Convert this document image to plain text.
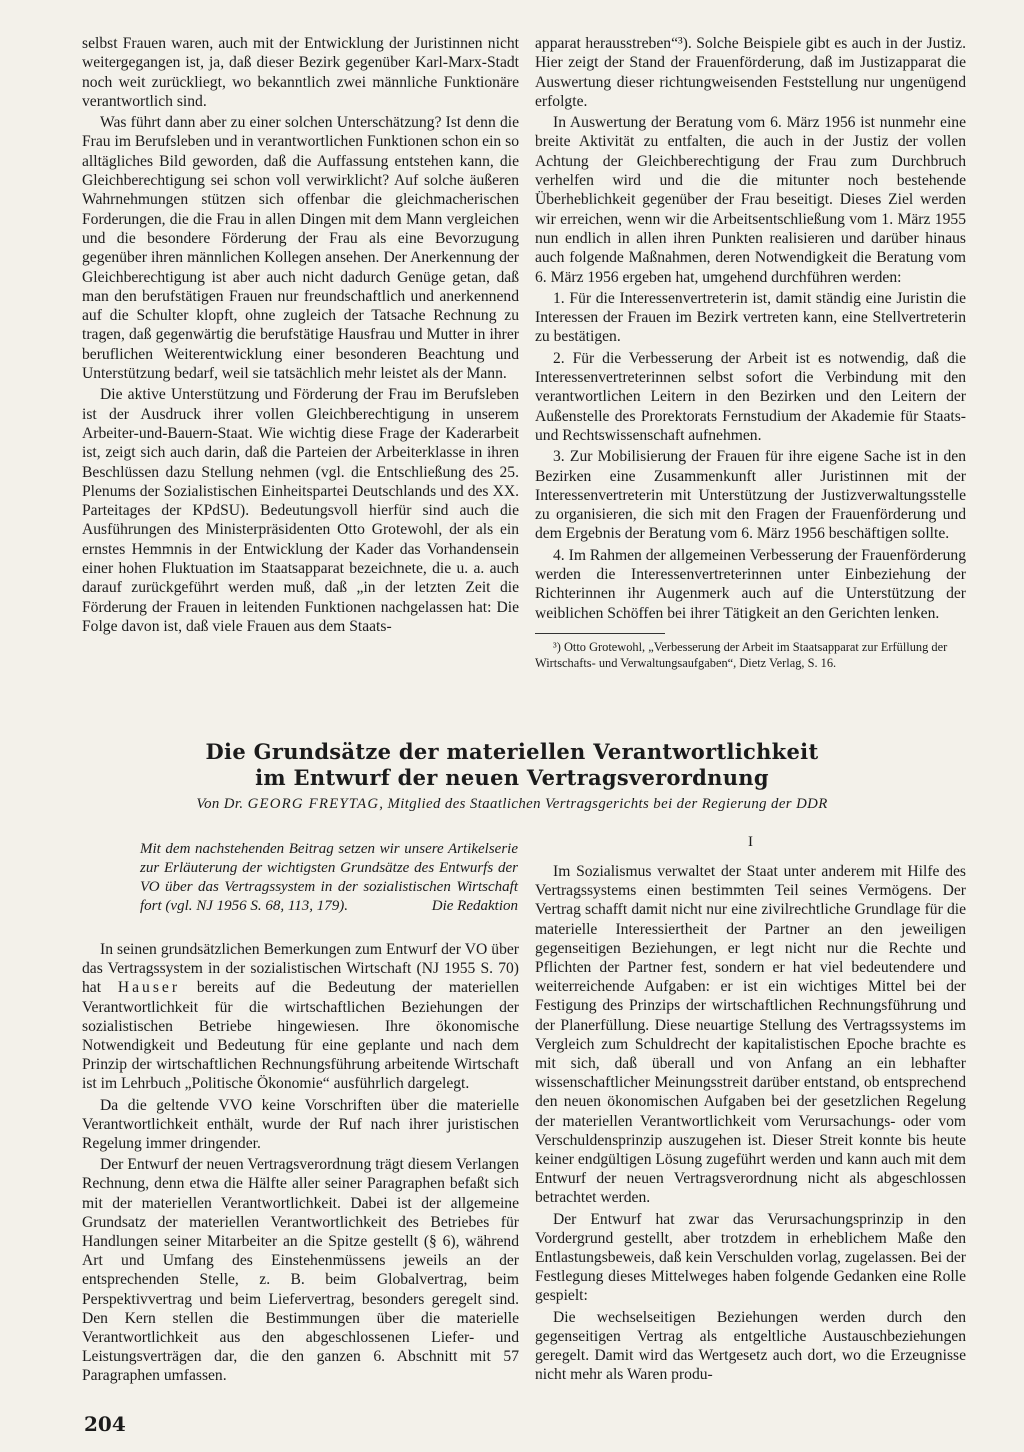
selbst Frauen waren, auch mit der Entwicklung der Juristinnen nicht weitergegangen ist, ja, daß dieser Bezirk gegenüber Karl-Marx-Stadt noch weit zurückliegt, wo bekanntlich zwei männliche Funktionäre verantwortlich sind.

Was führt dann aber zu einer solchen Unterschätzung? Ist denn die Frau im Berufsleben und in verantwortlichen Funktionen schon ein so alltägliches Bild geworden, daß die Auffassung entstehen kann, die Gleichberechtigung sei schon voll verwirklicht? Auf solche äußeren Wahrnehmungen stützen sich offenbar die gleichmacherischen Forderungen, die die Frau in allen Dingen mit dem Mann vergleichen und die besondere Förderung der Frau als eine Bevorzugung gegenüber ihren männlichen Kollegen ansehen. Der Anerkennung der Gleichberechtigung ist aber auch nicht dadurch Genüge getan, daß man den berufstätigen Frauen nur freundschaftlich und anerkennend auf die Schulter klopft, ohne zugleich der Tatsache Rechnung zu tragen, daß gegenwärtig die berufstätige Hausfrau und Mutter in ihrer beruflichen Weiterentwicklung einer besonderen Beachtung und Unterstützung bedarf, weil sie tatsächlich mehr leistet als der Mann.

Die aktive Unterstützung und Förderung der Frau im Berufsleben ist der Ausdruck ihrer vollen Gleichberechtigung in unserem Arbeiter-und-Bauern-Staat. Wie wichtig diese Frage der Kaderarbeit ist, zeigt sich auch darin, daß die Parteien der Arbeiterklasse in ihren Beschlüssen dazu Stellung nehmen (vgl. die Entschließung des 25. Plenums der Sozialistischen Einheitspartei Deutschlands und des XX. Parteitages der KPdSU). Bedeutungsvoll hierfür sind auch die Ausführungen des Ministerpräsidenten Otto Grotewohl, der als ein ernstes Hemmnis in der Entwicklung der Kader das Vorhandensein einer hohen Fluktuation im Staatsapparat bezeichnete, die u. a. auch darauf zurückgeführt werden muß, daß „in der letzten Zeit die Förderung der Frauen in leitenden Funktionen nachgelassen hat: Die Folge davon ist, daß viele Frauen aus dem Staats-

apparat herausstreben“³). Solche Beispiele gibt es auch in der Justiz. Hier zeigt der Stand der Frauenförderung, daß im Justizapparat die Auswertung dieser richtungweisenden Feststellung nur ungenügend erfolgte.

In Auswertung der Beratung vom 6. März 1956 ist nunmehr eine breite Aktivität zu entfalten, die auch in der Justiz der vollen Achtung der Gleichberechtigung der Frau zum Durchbruch verhelfen wird und die die mitunter noch bestehende Überheblichkeit gegenüber der Frau beseitigt. Dieses Ziel werden wir erreichen, wenn wir die Arbeitsentschließung vom 1. März 1955 nun endlich in allen ihren Punkten realisieren und darüber hinaus auch folgende Maßnahmen, deren Notwendigkeit die Beratung vom 6. März 1956 ergeben hat, umgehend durchführen werden:

1. Für die Interessenvertreterin ist, damit ständig eine Juristin die Interessen der Frauen im Bezirk vertreten kann, eine Stellvertreterin zu bestätigen.

2. Für die Verbesserung der Arbeit ist es notwendig, daß die Interessenvertreterinnen selbst sofort die Verbindung mit den verantwortlichen Leitern in den Bezirken und den Leitern der Außenstelle des Prorektorats Fernstudium der Akademie für Staats- und Rechtswissenschaft aufnehmen.

3. Zur Mobilisierung der Frauen für ihre eigene Sache ist in den Bezirken eine Zusammenkunft aller Juristinnen mit der Interessenvertreterin mit Unterstützung der Justizverwaltungsstelle zu organisieren, die sich mit den Fragen der Frauenförderung und dem Ergebnis der Beratung vom 6. März 1956 beschäftigen sollte.

4. Im Rahmen der allgemeinen Verbesserung der Frauenförderung werden die Interessenvertreterinnen unter Einbeziehung der Richterinnen ihr Augenmerk auch auf die Unterstützung der weiblichen Schöffen bei ihrer Tätigkeit an den Gerichten lenken.

³) Otto Grotewohl, „Verbesserung der Arbeit im Staatsapparat zur Erfüllung der Wirtschafts- und Verwaltungsaufgaben“, Dietz Verlag, S. 16.

Die Grundsätze der materiellen Verantwortlichkeit
im Entwurf der neuen Vertragsverordnung
Von Dr. GEORG FREYTAG, Mitglied des Staatlichen Vertragsgerichts bei der Regierung der DDR
Mit dem nachstehenden Beitrag setzen wir unsere Artikelserie zur Erläuterung der wichtigsten Grundsätze des Entwurfs der VO über das Vertragssystem in der sozialistischen Wirtschaft fort (vgl. NJ 1956 S. 68, 113, 179).	Die Redaktion
I

In seinen grundsätzlichen Bemerkungen zum Entwurf der VO über das Vertragssystem in der sozialistischen Wirtschaft (NJ 1955 S. 70) hat Hauser bereits auf die Bedeutung der materiellen Verantwortlichkeit für die wirtschaftlichen Beziehungen der sozialistischen Betriebe hingewiesen. Ihre ökonomische Notwendigkeit und Bedeutung für eine geplante und nach dem Prinzip der wirtschaftlichen Rechnungsführung arbeitende Wirtschaft ist im Lehrbuch „Politische Ökonomie“ ausführlich dargelegt.

Da die geltende VVO keine Vorschriften über die materielle Verantwortlichkeit enthält, wurde der Ruf nach ihrer juristischen Regelung immer dringender.

Der Entwurf der neuen Vertragsverordnung trägt diesem Verlangen Rechnung, denn etwa die Hälfte aller seiner Paragraphen befaßt sich mit der materiellen Verantwortlichkeit. Dabei ist der allgemeine Grundsatz der materiellen Verantwortlichkeit des Betriebes für Handlungen seiner Mitarbeiter an die Spitze gestellt (§ 6), während Art und Umfang des Einstehenmüssens jeweils an der entsprechenden Stelle, z. B. beim Globalvertrag, beim Perspektivvertrag und beim Liefervertrag, besonders geregelt sind. Den Kern stellen die Bestimmungen über die materielle Verantwortlichkeit aus den abgeschlossenen Liefer- und Leistungsverträgen dar, die den ganzen 6. Abschnitt mit 57 Paragraphen umfassen.

Im Sozialismus verwaltet der Staat unter anderem mit Hilfe des Vertragssystems einen bestimmten Teil seines Vermögens. Der Vertrag schafft damit nicht nur eine zivilrechtliche Grundlage für die materielle Interessiertheit der Partner an den jeweiligen gegenseitigen Beziehungen, er legt nicht nur die Rechte und Pflichten der Partner fest, sondern er hat viel bedeutendere und weiterreichende Aufgaben: er ist ein wichtiges Mittel bei der Festigung des Prinzips der wirtschaftlichen Rechnungsführung und der Planerfüllung. Diese neuartige Stellung des Vertragssystems im Vergleich zum Schuldrecht der kapitalistischen Epoche brachte es mit sich, daß überall und von Anfang an ein lebhafter wissenschaftlicher Meinungsstreit darüber entstand, ob entsprechend den neuen ökonomischen Aufgaben bei der gesetzlichen Regelung der materiellen Verantwortlichkeit vom Verursachungs- oder vom Verschuldensprinzip auszugehen ist. Dieser Streit konnte bis heute keiner endgültigen Lösung zugeführt werden und kann auch mit dem Entwurf der neuen Vertragsverordnung nicht als abgeschlossen betrachtet werden.

Der Entwurf hat zwar das Verursachungsprinzip in den Vordergrund gestellt, aber trotzdem in erheblichem Maße den Entlastungsbeweis, daß kein Verschulden vorlag, zugelassen. Bei der Festlegung dieses Mittelweges haben folgende Gedanken eine Rolle gespielt:

Die wechselseitigen Beziehungen werden durch den gegenseitigen Vertrag als entgeltliche Austauschbeziehungen geregelt. Damit wird das Wertgesetz auch dort, wo die Erzeugnisse nicht mehr als Waren produ-

204
